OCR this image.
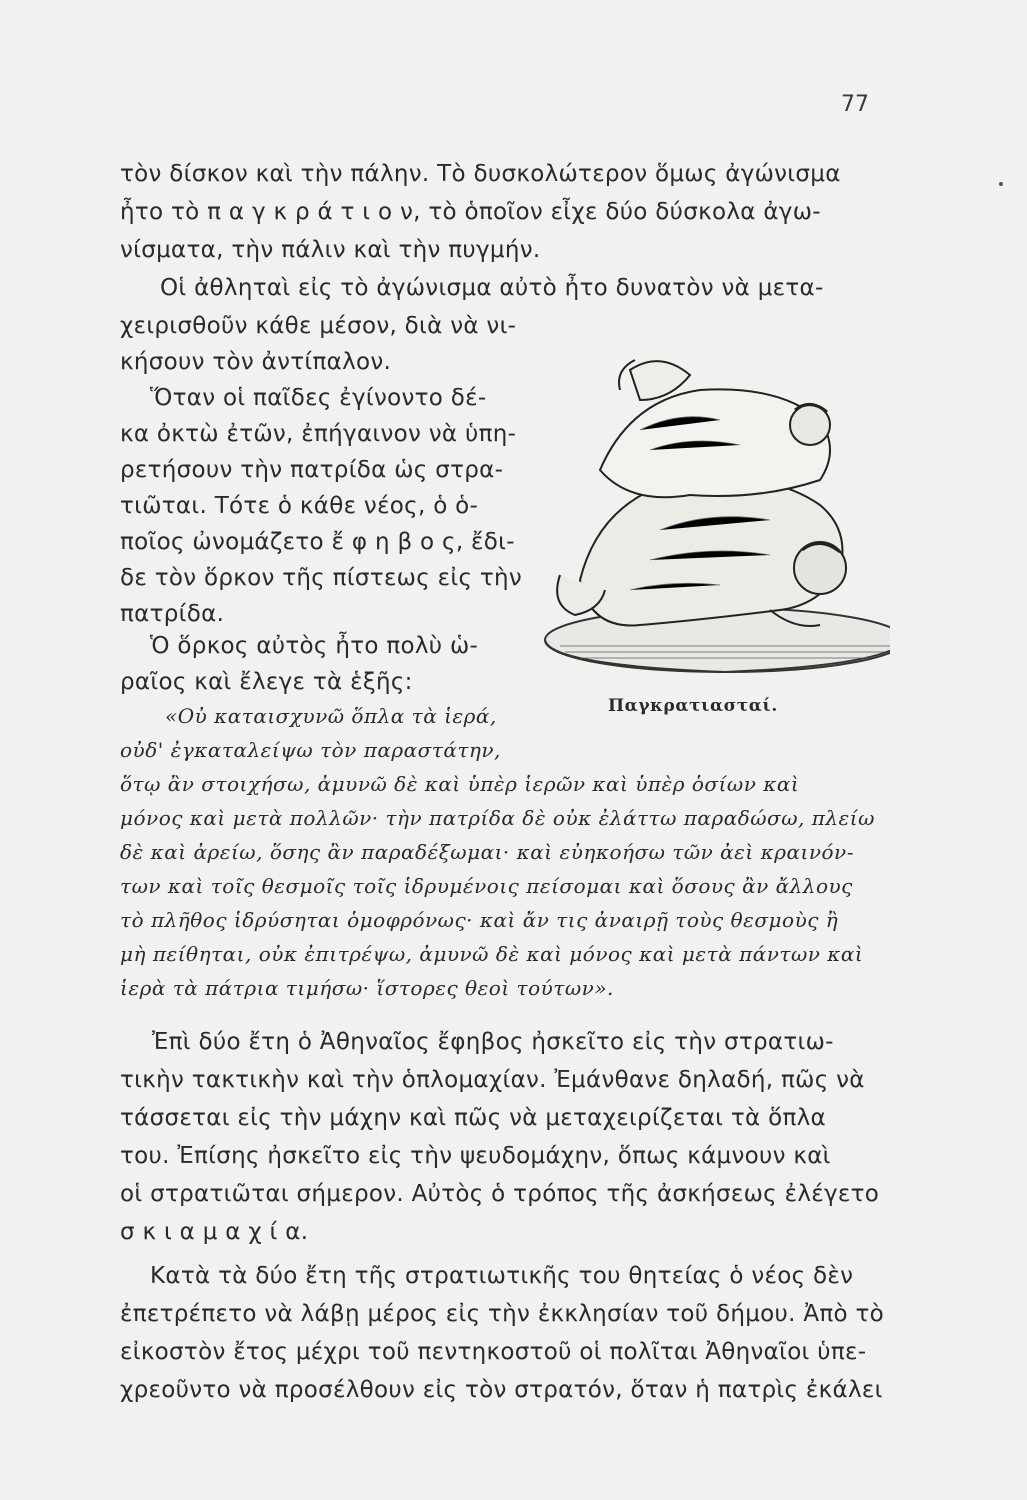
77
τὸν δίσκον καὶ τὴν πάλην. Τὸ δυσκολώτερον ὅμως ἀγώνισμα
ἦτο τὸ π α γ κ ρ ά τ ι ο ν, τὸ ὁποῖον εἶχε δύο δύσκολα ἀγω-
νίσματα, τὴν πάλιν καὶ τὴν πυγμήν.
Οἱ ἀθληταὶ εἰς τὸ ἀγώνισμα αὐτὸ ἦτο δυνατὸν νὰ μετα-
χειρισθοῦν κάθε μέσον, διὰ νὰ νι-
κήσουν τὸν ἀντίπαλον.
Ὅταν οἱ παῖδες ἐγίνοντο δέ-
κα ὀκτὼ ἐτῶν, ἐπήγαινον νὰ ὑπη-
ρετήσουν τὴν πατρίδα ὡς στρα-
τιῶται. Τότε ὁ κάθε νέος, ὁ ὁ-
ποῖος ὠνομάζετο ἔ φ η β ο ς, ἔδι-
δε τὸν ὅρκον τῆς πίστεως εἰς τὴν
πατρίδα.
Ὁ ὅρκος αὐτὸς ἦτο πολὺ ὡ-
ραῖος καὶ ἔλεγε τὰ ἑξῆς:
«Οὐ καταισχυνῶ ὅπλα τὰ ἱερά,
οὐδ' ἐγκαταλείψω τὸν παραστάτην,
ὅτῳ ἂν στοιχήσω, ἀμυνῶ δὲ καὶ ὑπὲρ ἱερῶν καὶ ὑπὲρ ὁσίων καὶ
μόνος καὶ μετὰ πολλῶν· τὴν πατρίδα δὲ οὐκ ἐλάττω παραδώσω, πλείω
δὲ καὶ ἀρείω, ὅσης ἂν παραδέξωμαι· καὶ εὐηκοήσω τῶν ἀεὶ κραινόν-
των καὶ τοῖς θεσμοῖς τοῖς ἱδρυμένοις πείσομαι καὶ ὅσους ἂν ἄλλους
τὸ πλῆθος ἱδρύσηται ὁμοφρόνως· καὶ ἄν τις ἀναιρῇ τοὺς θεσμοὺς ἢ
μὴ πείθηται, οὐκ ἐπιτρέψω, ἀμυνῶ δὲ καὶ μόνος καὶ μετὰ πάντων καὶ
ἱερὰ τὰ πάτρια τιμήσω· ἵστορες θεοὶ τούτων».
Ἐπὶ δύο ἔτη ὁ Ἀθηναῖος ἔφηβος ἠσκεῖτο εἰς τὴν στρατιω-
τικὴν τακτικὴν καὶ τὴν ὁπλομαχίαν. Ἐμάνθανε δηλαδή, πῶς νὰ
τάσσεται εἰς τὴν μάχην καὶ πῶς νὰ μεταχειρίζεται τὰ ὅπλα
του. Ἐπίσης ἠσκεῖτο εἰς τὴν ψευδομάχην, ὅπως κάμνουν καὶ
οἱ στρατιῶται σήμερον. Αὐτὸς ὁ τρόπος τῆς ἀσκήσεως ἐλέγετο
σ κ ι α μ α χ ί α.
Κατὰ τὰ δύο ἔτη τῆς στρατιωτικῆς του θητείας ὁ νέος δὲν
ἐπετρέπετο νὰ λάβῃ μέρος εἰς τὴν ἐκκλησίαν τοῦ δήμου. Ἀπὸ τὸ
εἰκοστὸν ἔτος μέχρι τοῦ πεντηκοστοῦ οἱ πολῖται Ἀθηναῖοι ὑπε-
χρεοῦντο νὰ προσέλθουν εἰς τὸν στρατόν, ὅταν ἡ πατρὶς ἐκάλει
Παγκρατιασταί.
